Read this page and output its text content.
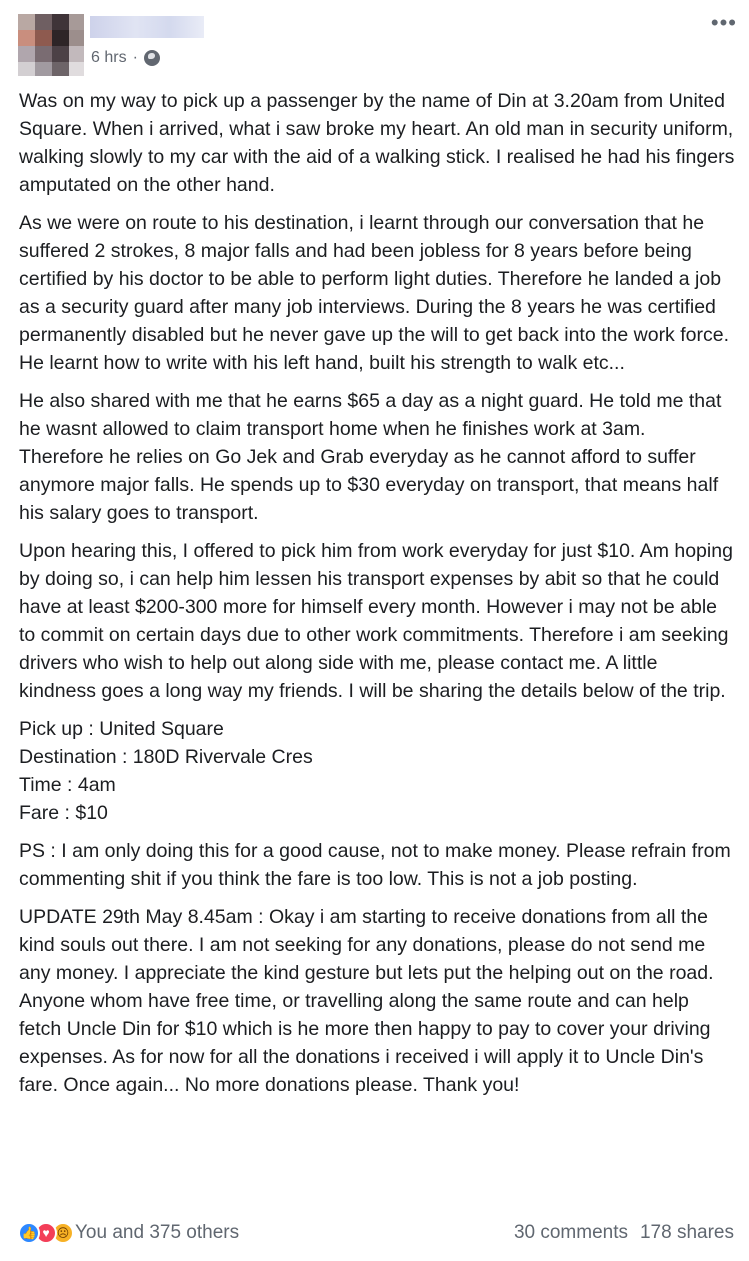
6 hrs ·
•••

Was on my way to pick up a passenger by the name of Din at 3.20am from United Square. When i arrived, what i saw broke my heart. An old man in security uniform, walking slowly to my car with the aid of a walking stick. I realised he had his fingers amputated on the other hand.

As we were on route to his destination, i learnt through our conversation that he suffered 2 strokes, 8 major falls and had been jobless for 8 years before being certified by his doctor to be able to perform light duties. Therefore he landed a job as a security guard after many job interviews. During the 8 years he was certified permanently disabled but he never gave up the will to get back into the work force. He learnt how to write with his left hand, built his strength to walk etc...

He also shared with me that he earns $65 a day as a night guard. He told me that he wasnt allowed to claim transport home when he finishes work at 3am. Therefore he relies on Go Jek and Grab everyday as he cannot afford to suffer anymore major falls. He spends up to $30 everyday on transport, that means half his salary goes to transport.

Upon hearing this, I offered to pick him from work everyday for just $10. Am hoping by doing so, i can help him lessen his transport expenses by abit so that he could have at least $200-300 more for himself every month. However i may not be able to commit on certain days due to other work commitments. Therefore i am seeking drivers who wish to help out along side with me, please contact me. A little kindness goes a long way my friends. I will be sharing the details below of the trip.

Pick up : United Square
Destination : 180D Rivervale Cres
Time : 4am
Fare : $10

PS : I am only doing this for a good cause, not to make money. Please refrain from commenting shit if you think the fare is too low. This is not a job posting.

UPDATE 29th May 8.45am : Okay i am starting to receive donations from all the kind souls out there. I am not seeking for any donations, please do not send me any money. I appreciate the kind gesture but lets put the helping out on the road. Anyone whom have free time, or travelling along the same route and can help fetch Uncle Din for $10 which is he more then happy to pay to cover your driving expenses. As for now for all the donations i received i will apply it to Uncle Din's fare. Once again... No more donations please. Thank you!

👍 ♥ ☹ You and 375 others	30 comments 178 shares
